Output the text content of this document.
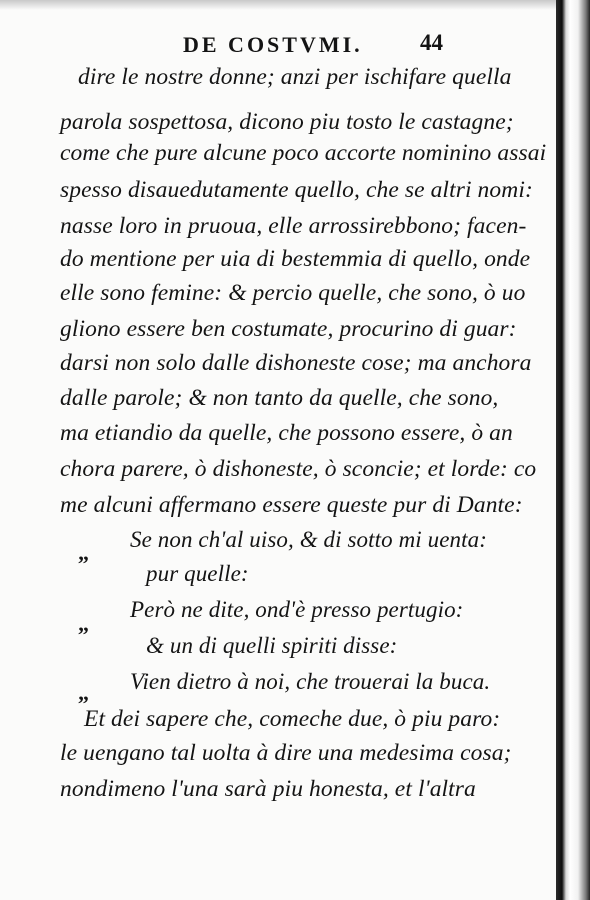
DE COSTVMI. 44
dire le nostre donne; anzi per ischifare quella
parola sospettosa, dicono piu tosto le castagne;
come che pure alcune poco accorte nominino assai
spesso disauedutamente quello, che se altri nomi:
nasse loro in pruoua, elle arrossirebbono; facen-
do mentione per uia di bestemmia di quello, onde
elle sono femine: & percio quelle, che sono, ò uo
gliono essere ben costumate, procurino di guar:
darsi non solo dalle dishoneste cose; ma anchora
dalle parole; & non tanto da quelle, che sono,
ma etiandio da quelle, che possono essere, ò an
chora parere, ò dishoneste, ò sconcie; et lorde: co
me alcuni affermano essere queste pur di Dante:
„
Se non ch'al uiso, & di sotto mi uenta:
pur quelle:
„
Però ne dite, ond'è presso pertugio:
& un di quelli spiriti disse:
„ Vien dietro à noi, che trouerai la buca.
Et dei sapere che, comeche due, ò piu paro:
le uengano tal uolta à dire una medesima cosa;
nondimeno l'una sarà piu honesta, et l'altra
